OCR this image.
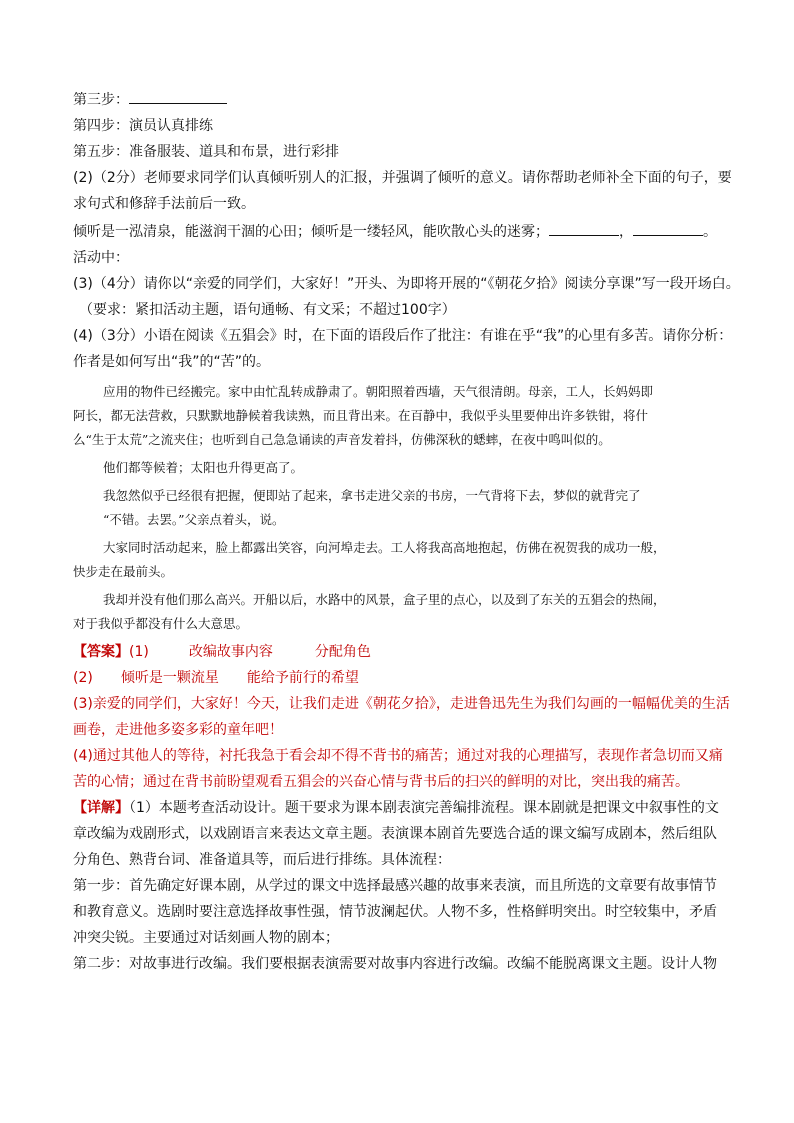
第三步：

第四步：演员认真排练

第五步：准备服装、道具和布景，进行彩排

(2)（2分）老师要求同学们认真倾听别人的汇报，并强调了倾听的意义。请你帮助老师补全下面的句子，要

求句式和修辞手法前后一致。

倾听是一泓清泉，能滋润干涸的心田；倾听是一缕轻风，能吹散心头的迷雾；	，	。

活动中：

(3)（4分）请你以“亲爱的同学们，大家好！”开头、为即将开展的“《朝花夕拾》阅读分享课”写一段开场白。

（要求：紧扣活动主题，语句通畅、有文采；不超过100字）

(4)（3分）小语在阅读《五猖会》时，在下面的语段后作了批注：有谁在乎“我”的心里有多苦。请你分析：

作者是如何写出“我”的“苦”的。

应用的物件已经搬完。家中由忙乱转成静肃了。朝阳照着西墙，天气很清朗。母亲，工人，长妈妈即

阿长，都无法营救，只默默地静候着我读熟，而且背出来。在百静中，我似乎头里要伸出许多铁钳，将什

么“生于太荒”之流夹住；也听到自己急急诵读的声音发着抖，仿佛深秋的蟋蟀，在夜中鸣叫似的。

他们都等候着；太阳也升得更高了。

我忽然似乎已经很有把握，便即站了起来，拿书走进父亲的书房，一气背将下去，梦似的就背完了

“不错。去罢。”父亲点着头，说。

大家同时活动起来，脸上都露出笑容，向河埠走去。工人将我高高地抱起，仿佛在祝贺我的成功一般，

快步走在最前头。

我却并没有他们那么高兴。开船以后，水路中的风景，盒子里的点心，以及到了东关的五猖会的热闹，

对于我似乎都没有什么大意思。

【答案】(1)	改编故事内容	分配角色

(2) 倾听是一颗流星 能给予前行的希望

(3)亲爱的同学们，大家好！今天，让我们走进《朝花夕拾》，走进鲁迅先生为我们勾画的一幅幅优美的生活

画卷，走进他多姿多彩的童年吧！

(4)通过其他人的等待，衬托我急于看会却不得不背书的痛苦；通过对我的心理描写，表现作者急切而又痛

苦的心情；通过在背书前盼望观看五猖会的兴奋心情与背书后的扫兴的鲜明的对比，突出我的痛苦。

【详解】（1）本题考查活动设计。题干要求为课本剧表演完善编排流程。课本剧就是把课文中叙事性的文

章改编为戏剧形式，以戏剧语言来表达文章主题。表演课本剧首先要选合适的课文编写成剧本，然后组队

分角色、熟背台词、准备道具等，而后进行排练。具体流程：

第一步：首先确定好课本剧，从学过的课文中选择最感兴趣的故事来表演，而且所选的文章要有故事情节

和教育意义。选剧时要注意选择故事性强，情节波澜起伏。人物不多，性格鲜明突出。时空较集中，矛盾

冲突尖锐。主要通过对话刻画人物的剧本；

第二步：对故事进行改编。我们要根据表演需要对故事内容进行改编。改编不能脱离课文主题。设计人物
